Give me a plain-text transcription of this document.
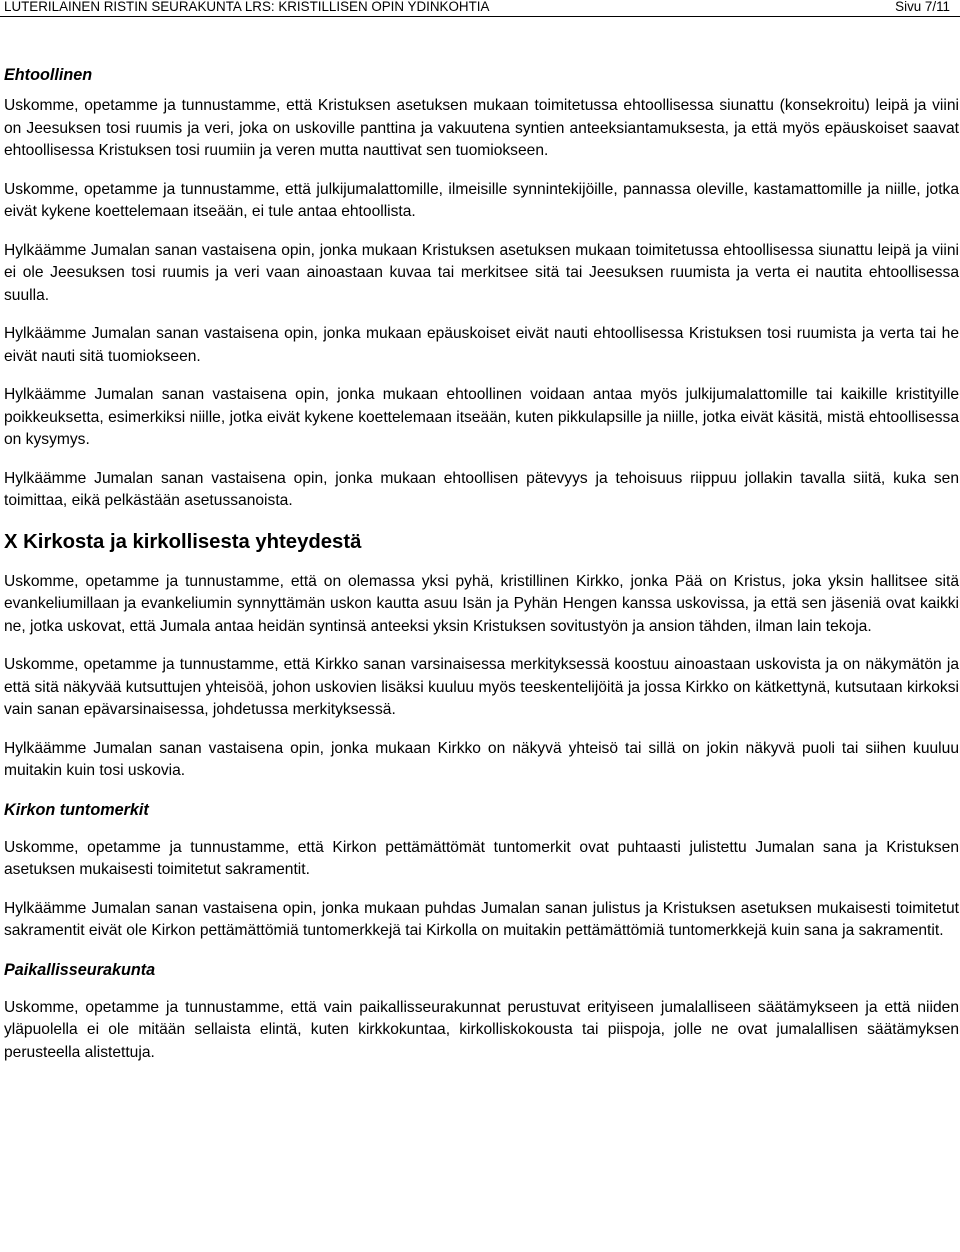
LUTERILAINEN RISTIN SEURAKUNTA LRS: KRISTILLISEN OPIN YDINKOHTIA	Sivu 7/11
Ehtoollinen

Uskomme, opetamme ja tunnustamme, että Kristuksen asetuksen mukaan toimitetussa ehtoollisessa siunattu (konsekroitu) leipä ja viini on Jeesuksen tosi ruumis ja veri, joka on uskoville panttina ja vakuutena syntien anteeksiantamuksesta, ja että myös epäuskoiset saavat ehtoollisessa Kristuksen tosi ruumiin ja veren mutta nauttivat sen tuomiokseen.

Uskomme, opetamme ja tunnustamme, että julkijumalattomille, ilmeisille synnintekijöille, pannassa oleville, kastamattomille ja niille, jotka eivät kykene koettelemaan itseään, ei tule antaa ehtoollista.

Hylkäämme Jumalan sanan vastaisena opin, jonka mukaan Kristuksen asetuksen mukaan toimitetussa ehtoollisessa siunattu leipä ja viini ei ole Jeesuksen tosi ruumis ja veri vaan ainoastaan kuvaa tai merkitsee sitä tai Jeesuksen ruumista ja verta ei nautita ehtoollisessa suulla.

Hylkäämme Jumalan sanan vastaisena opin, jonka mukaan epäuskoiset eivät nauti ehtoollisessa Kristuksen tosi ruumista ja verta tai he eivät nauti sitä tuomiokseen.

Hylkäämme Jumalan sanan vastaisena opin, jonka mukaan ehtoollinen voidaan antaa myös julkijumalattomille tai kaikille kristityille poikkeuksetta, esimerkiksi niille, jotka eivät kykene koettelemaan itseään, kuten pikkulapsille ja niille, jotka eivät käsitä, mistä ehtoollisessa on kysymys.

Hylkäämme Jumalan sanan vastaisena opin, jonka mukaan ehtoollisen pätevyys ja tehoisuus riippuu jollakin tavalla siitä, kuka sen toimittaa, eikä pelkästään asetussanoista.

X Kirkosta ja kirkollisesta yhteydestä

Uskomme, opetamme ja tunnustamme, että on olemassa yksi pyhä, kristillinen Kirkko, jonka Pää on Kristus, joka yksin hallitsee sitä evankeliumillaan ja evankeliumin synnyttämän uskon kautta asuu Isän ja Pyhän Hengen kanssa uskovissa, ja että sen jäseniä ovat kaikki ne, jotka uskovat, että Jumala antaa heidän syntinsä anteeksi yksin Kristuksen sovitustyön ja ansion tähden, ilman lain tekoja.

Uskomme, opetamme ja tunnustamme, että Kirkko sanan varsinaisessa merkityksessä koostuu ainoastaan uskovista ja on näkymätön ja että sitä näkyvää kutsuttujen yhteisöä, johon uskovien lisäksi kuuluu myös teeskentelijöitä ja jossa Kirkko on kätkettynä, kutsutaan kirkoksi vain sanan epävarsinaisessa, johdetussa merkityksessä.

Hylkäämme Jumalan sanan vastaisena opin, jonka mukaan Kirkko on näkyvä yhteisö tai sillä on jokin näkyvä puoli tai siihen kuuluu muitakin kuin tosi uskovia.

Kirkon tuntomerkit

Uskomme, opetamme ja tunnustamme, että Kirkon pettämättömät tuntomerkit ovat puhtaasti julistettu Jumalan sana ja Kristuksen asetuksen mukaisesti toimitetut sakramentit.

Hylkäämme Jumalan sanan vastaisena opin, jonka mukaan puhdas Jumalan sanan julistus ja Kristuksen asetuksen mukaisesti toimitetut sakramentit eivät ole Kirkon pettämättömiä tuntomerkkejä tai Kirkolla on muitakin pettämättömiä tuntomerkkejä kuin sana ja sakramentit.

Paikallisseurakunta

Uskomme, opetamme ja tunnustamme, että vain paikallisseurakunnat perustuvat erityiseen jumalalliseen säätämykseen ja että niiden yläpuolella ei ole mitään sellaista elintä, kuten kirkkokuntaa, kirkolliskokousta tai piispoja, jolle ne ovat jumalallisen säätämyksen perusteella alistettuja.
